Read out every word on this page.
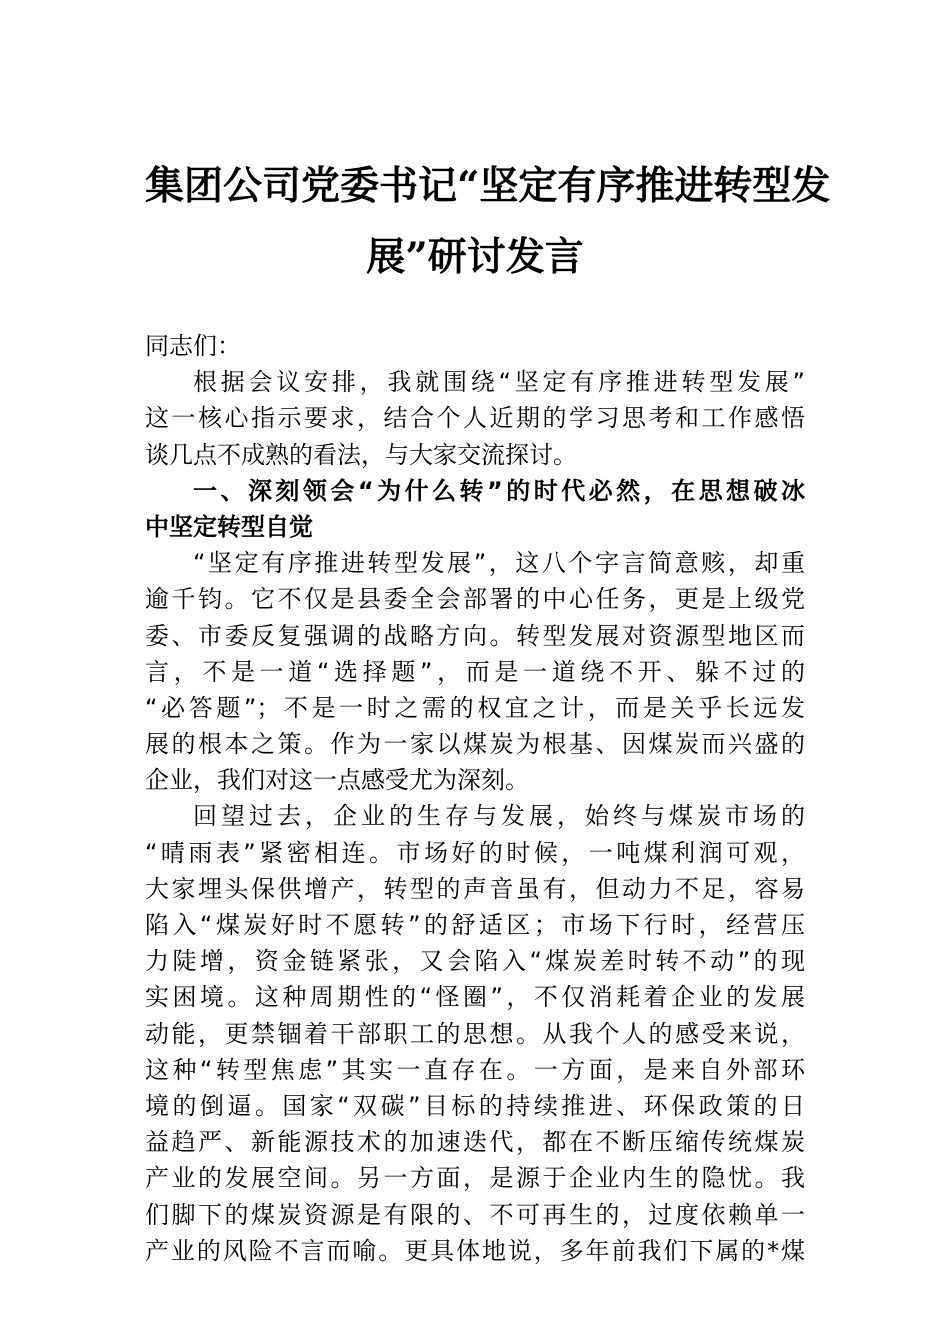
集团公司党委书记“坚定有序推进转型发
展”研讨发言
同志们：
根据会议安排，我就围绕“坚定有序推进转型发展”
这一核心指示要求，结合个人近期的学习思考和工作感悟
谈几点不成熟的看法，与大家交流探讨。
一、深刻领会“为什么转”的时代必然，在思想破冰
中坚定转型自觉
“坚定有序推进转型发展”，这八个字言简意赅，却重
逾千钧。它不仅是县委全会部署的中心任务，更是上级党
委、市委反复强调的战略方向。转型发展对资源型地区而
言，不是一道“选择题”，而是一道绕不开、躲不过的
“必答题”；不是一时之需的权宜之计，而是关乎长远发
展的根本之策。作为一家以煤炭为根基、因煤炭而兴盛的
企业，我们对这一点感受尤为深刻。
回望过去，企业的生存与发展，始终与煤炭市场的
“晴雨表”紧密相连。市场好的时候，一吨煤利润可观，
大家埋头保供增产，转型的声音虽有，但动力不足，容易
陷入“煤炭好时不愿转”的舒适区；市场下行时，经营压
力陡增，资金链紧张，又会陷入“煤炭差时转不动”的现
实困境。这种周期性的“怪圈”，不仅消耗着企业的发展
动能，更禁锢着干部职工的思想。从我个人的感受来说，
这种“转型焦虑”其实一直存在。一方面，是来自外部环
境的倒逼。国家“双碳”目标的持续推进、环保政策的日
益趋严、新能源技术的加速迭代，都在不断压缩传统煤炭
产业的发展空间。另一方面，是源于企业内生的隐忧。我
们脚下的煤炭资源是有限的、不可再生的，过度依赖单一
产业的风险不言而喻。更具体地说，多年前我们下属的*煤
